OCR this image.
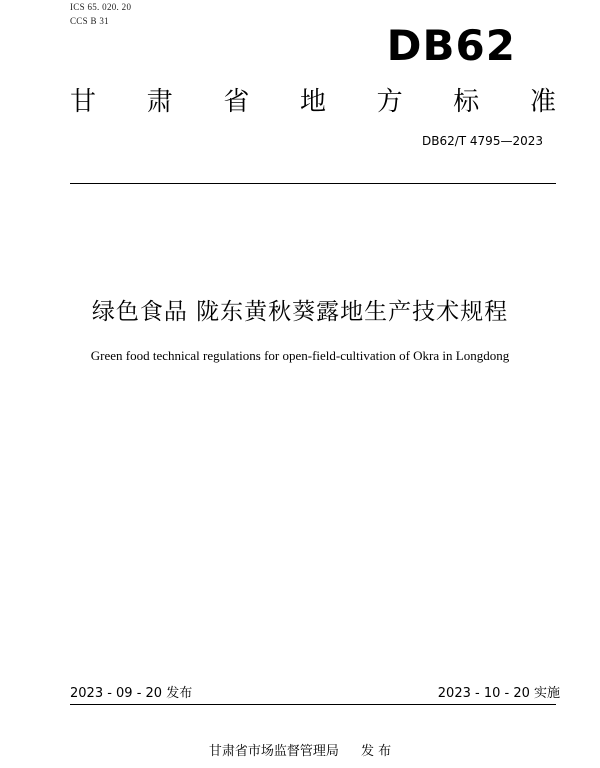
ICS 65. 020. 20
CCS B 31	DB62
甘 肃 省 地 方 标 准
DB62/T 4795—2023
绿色食品 陇东黄秋葵露地生产技术规程
Green food technical regulations for open-field-cultivation of Okra in Longdong
2023 - 09 - 20 发布	2023 - 10 - 20 实施
甘肃省市场监督管理局 发 布
